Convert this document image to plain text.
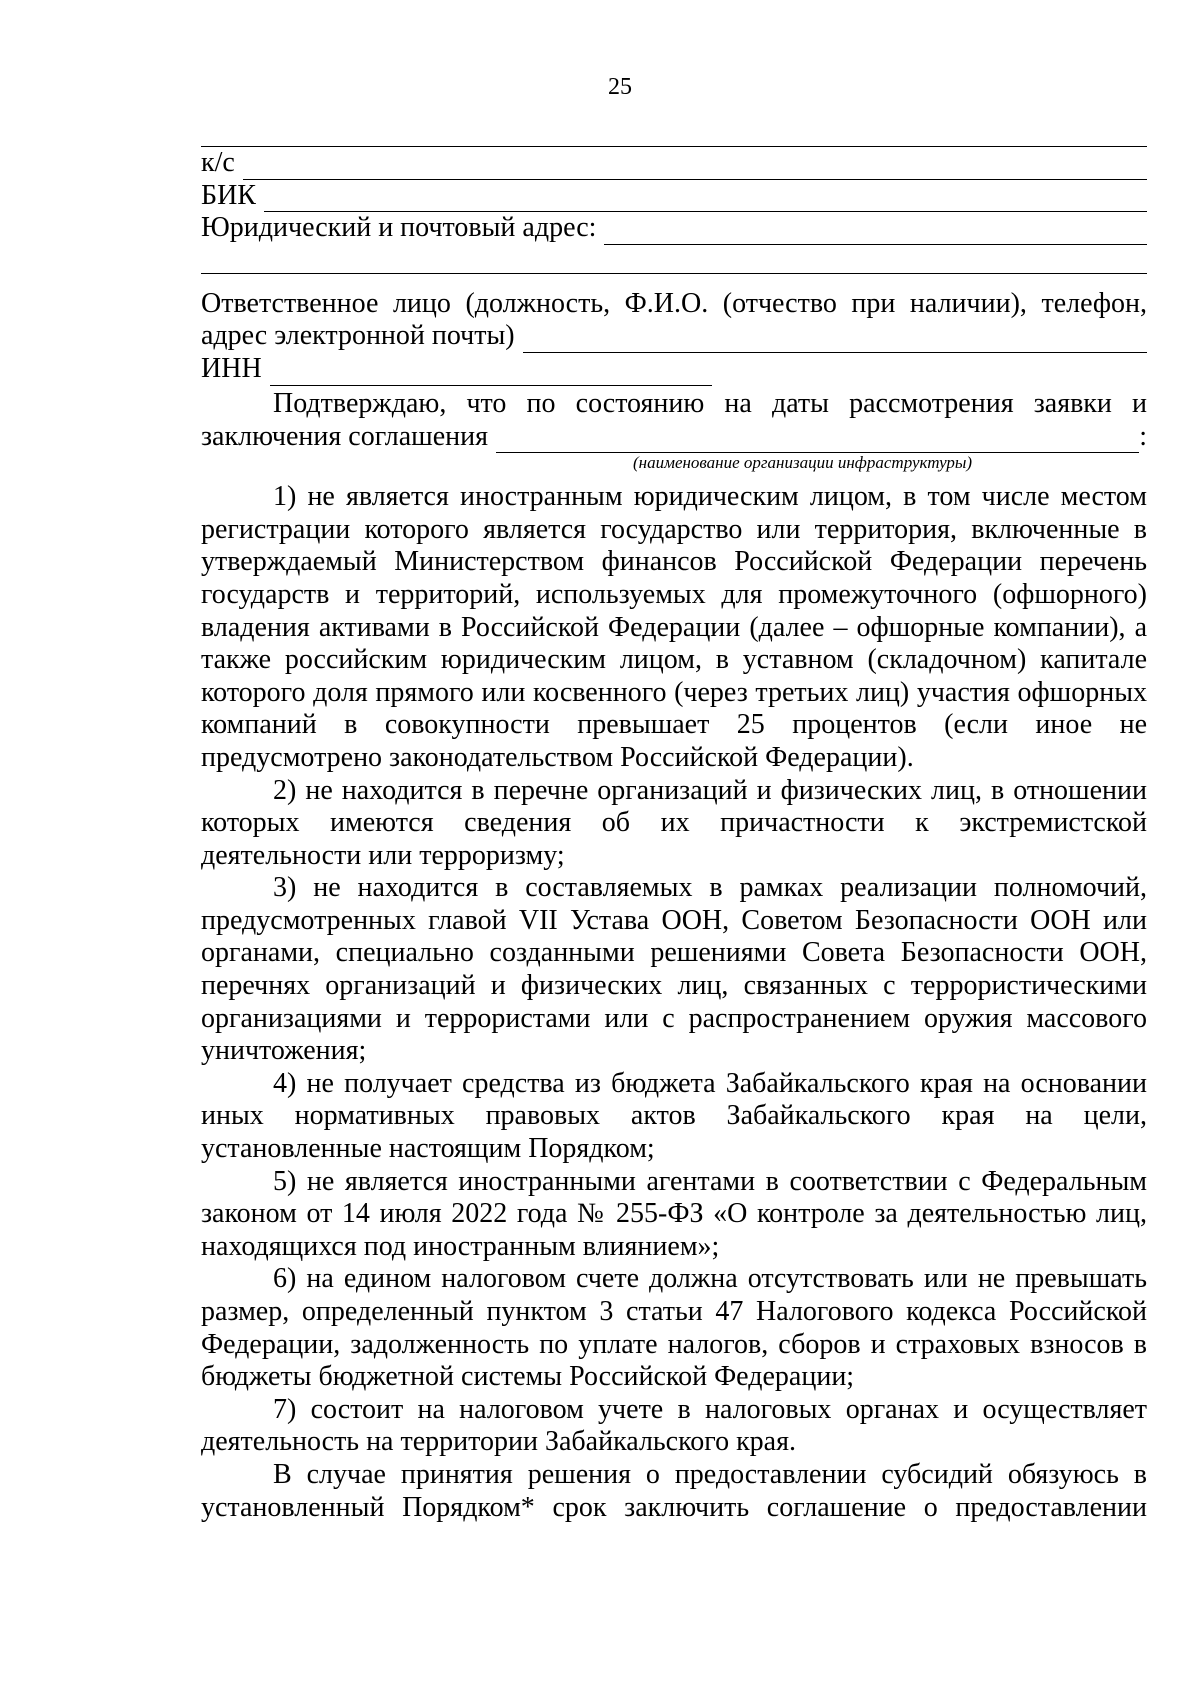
25
к/с
БИК
Юридический и почтовый адрес:

Ответственное лицо (должность, Ф.И.О. (отчество при наличии), телефон,

адрес электронной почты)
ИНН

Подтверждаю, что по состоянию на даты рассмотрения заявки и

заключения соглашения	:
(наименование организации инфраструктуры)

1) не является иностранным юридическим лицом, в том числе местом регистрации которого является государство или территория, включенные в утверждаемый Министерством финансов Российской Федерации перечень государств и территорий, используемых для промежуточного (офшорного) владения активами в Российской Федерации (далее – офшорные компании), а также российским юридическим лицом, в уставном (складочном) капитале которого доля прямого или косвенного (через третьих лиц) участия офшорных компаний в совокупности превышает 25 процентов (если иное не предусмотрено законодательством Российской Федерации).

2) не находится в перечне организаций и физических лиц, в отношении которых имеются сведения об их причастности к экстремистской деятельности или терроризму;

3) не находится в составляемых в рамках реализации полномочий, предусмотренных главой VII Устава ООН, Советом Безопасности ООН или органами, специально созданными решениями Совета Безопасности ООН, перечнях организаций и физических лиц, связанных с террористическими организациями и террористами или с распространением оружия массового уничтожения;

4) не получает средства из бюджета Забайкальского края на основании иных нормативных правовых актов Забайкальского края на цели, установленные настоящим Порядком;

5) не является иностранными агентами в соответствии с Федеральным законом от 14 июля 2022 года № 255-ФЗ «О контроле за деятельностью лиц, находящихся под иностранным влиянием»;

6) на едином налоговом счете должна отсутствовать или не превышать размер, определенный пунктом 3 статьи 47 Налогового кодекса Российской Федерации, задолженность по уплате налогов, сборов и страховых взносов в бюджеты бюджетной системы Российской Федерации;

7) состоит на налоговом учете в налоговых органах и осуществляет деятельность на территории Забайкальского края.

В случае принятия решения о предоставлении субсидий обязуюсь в установленный Порядком* срок заключить соглашение о предоставлении
